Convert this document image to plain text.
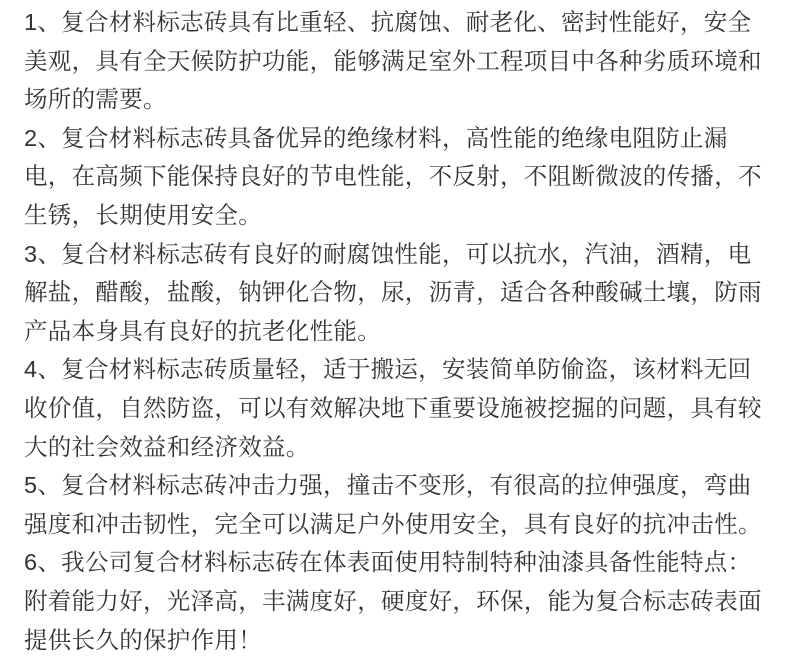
1、复合材料标志砖具有比重轻、抗腐蚀、耐老化、密封性能好，安全美观，具有全天候防护功能，能够满足室外工程项目中各种劣质环境和场所的需要。

2、复合材料标志砖具备优异的绝缘材料，高性能的绝缘电阻防止漏电，在高频下能保持良好的节电性能，不反射，不阻断微波的传播，不生锈，长期使用安全。

3、复合材料标志砖有良好的耐腐蚀性能，可以抗水，汽油，酒精，电解盐，醋酸，盐酸，钠钾化合物，尿，沥青，适合各种酸碱土壤，防雨产品本身具有良好的抗老化性能。

4、复合材料标志砖质量轻，适于搬运，安装简单防偷盗，该材料无回收价值，自然防盗，可以有效解决地下重要设施被挖掘的问题，具有较大的社会效益和经济效益。

5、复合材料标志砖冲击力强，撞击不变形，有很高的拉伸强度，弯曲强度和冲击韧性，完全可以满足户外使用安全，具有良好的抗冲击性。

6、我公司复合材料标志砖在体表面使用特制特种油漆具备性能特点：附着能力好，光泽高，丰满度好，硬度好，环保，能为复合标志砖表面提供长久的保护作用！
